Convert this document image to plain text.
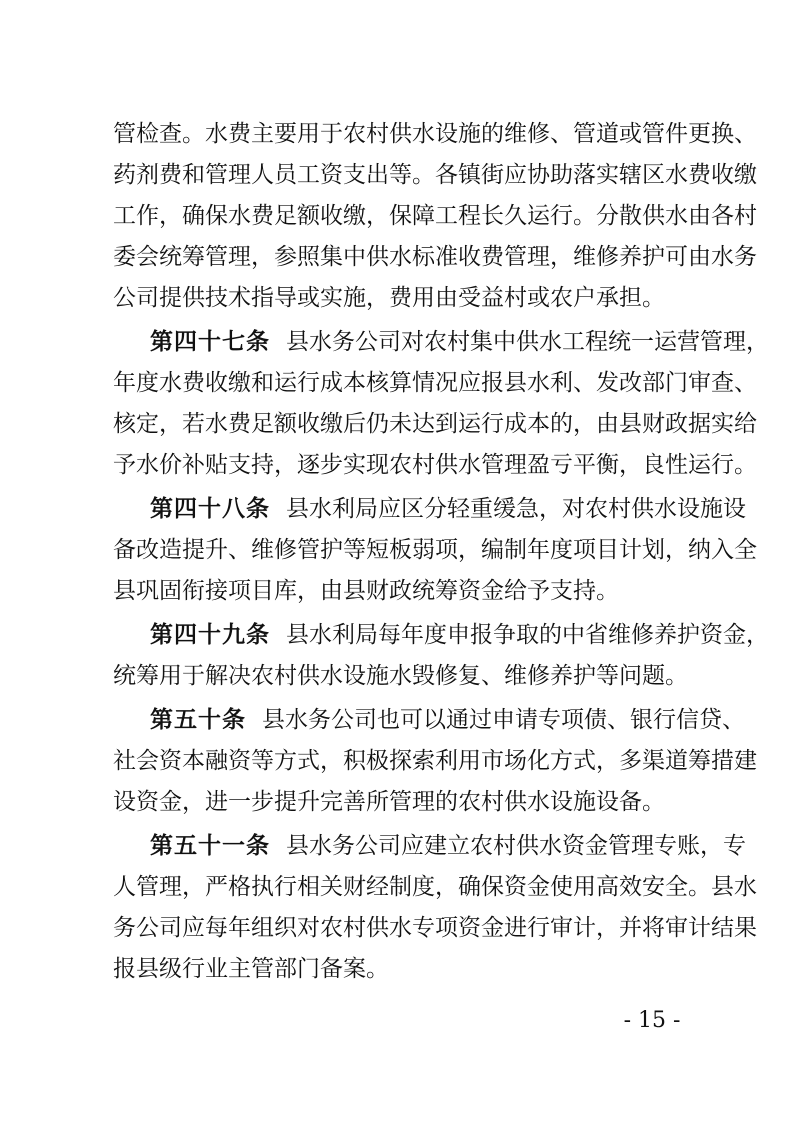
管检查。水费主要用于农村供水设施的维修、管道或管件更换、
药剂费和管理人员工资支出等。各镇街应协助落实辖区水费收缴
工作，确保水费足额收缴，保障工程长久运行。分散供水由各村
委会统筹管理，参照集中供水标准收费管理，维修养护可由水务
公司提供技术指导或实施，费用由受益村或农户承担。
第四十七条 县水务公司对农村集中供水工程统一运营管理，
年度水费收缴和运行成本核算情况应报县水利、发改部门审查、
核定，若水费足额收缴后仍未达到运行成本的，由县财政据实给
予水价补贴支持，逐步实现农村供水管理盈亏平衡，良性运行。
第四十八条 县水利局应区分轻重缓急，对农村供水设施设
备改造提升、维修管护等短板弱项，编制年度项目计划，纳入全
县巩固衔接项目库，由县财政统筹资金给予支持。
第四十九条 县水利局每年度申报争取的中省维修养护资金，
统筹用于解决农村供水设施水毁修复、维修养护等问题。
第五十条 县水务公司也可以通过申请专项债、银行信贷、
社会资本融资等方式，积极探索利用市场化方式，多渠道筹措建
设资金，进一步提升完善所管理的农村供水设施设备。
第五十一条 县水务公司应建立农村供水资金管理专账，专
人管理，严格执行相关财经制度，确保资金使用高效安全。县水
务公司应每年组织对农村供水专项资金进行审计，并将审计结果
报县级行业主管部门备案。
- 15 -
